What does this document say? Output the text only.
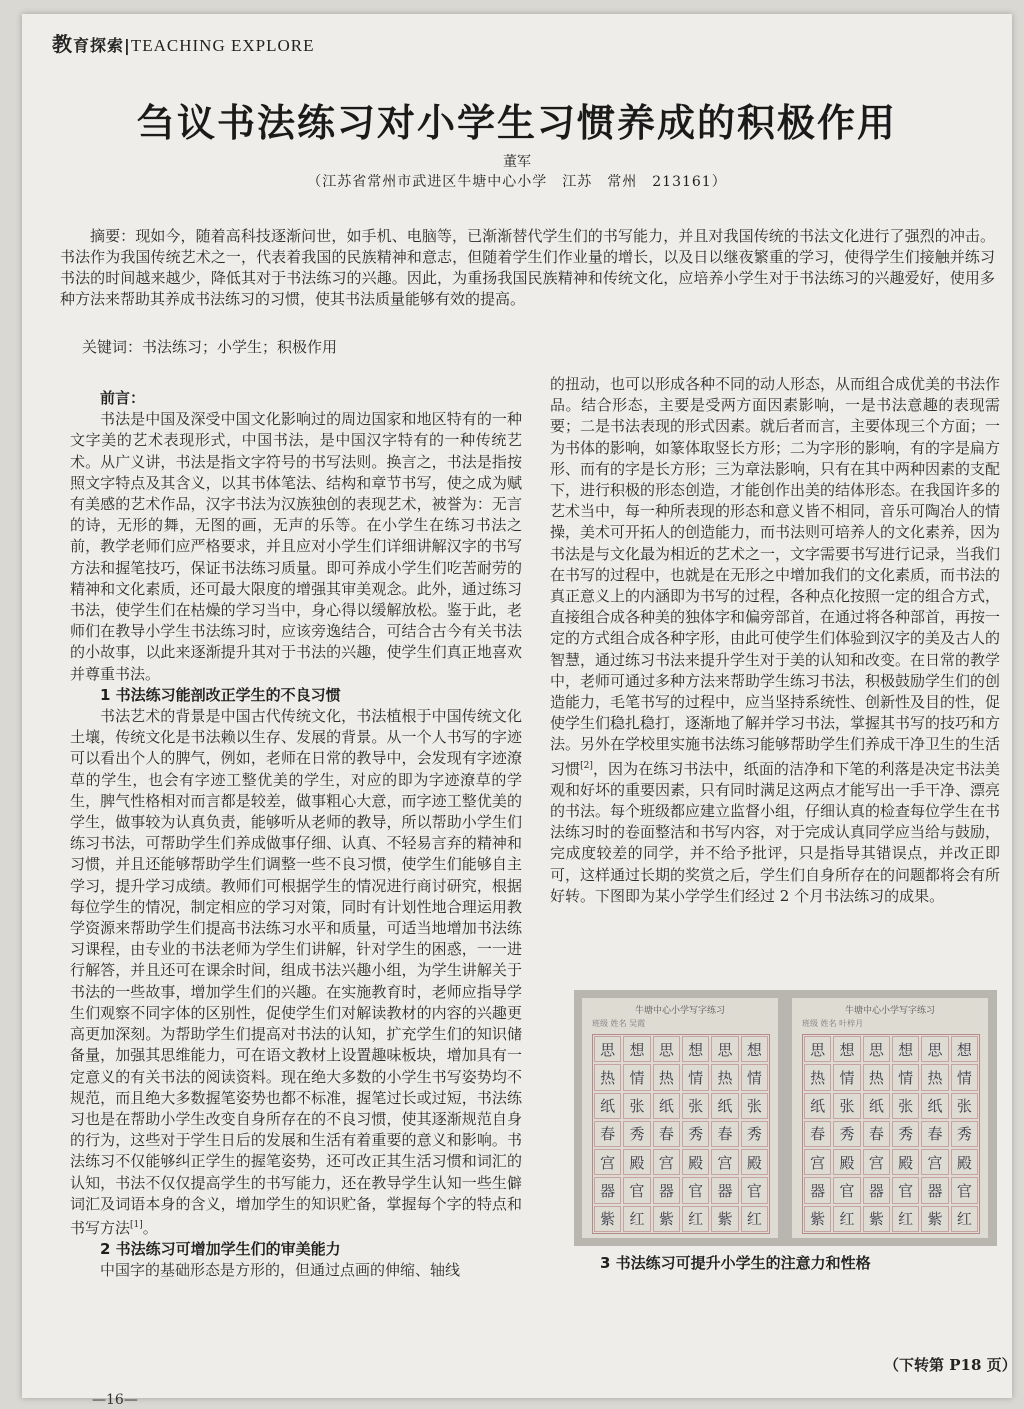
教育探索|TEACHING EXPLORE
刍议书法练习对小学生习惯养成的积极作用
董军
（江苏省常州市武进区牛塘中心小学　江苏　常州　213161）
摘要：现如今，随着高科技逐渐问世，如手机、电脑等，已渐渐替代学生们的书写能力，并且对我国传统的书法文化进行了强烈的冲击。书法作为我国传统艺术之一，代表着我国的民族精神和意志，但随着学生们作业量的增长，以及日以继夜繁重的学习，使得学生们接触并练习书法的时间越来越少，降低其对于书法练习的兴趣。因此，为重扬我国民族精神和传统文化，应培养小学生对于书法练习的兴趣爱好，使用多种方法来帮助其养成书法练习的习惯，使其书法质量能够有效的提高。
关键词：书法练习；小学生；积极作用
前言：

书法是中国及深受中国文化影响过的周边国家和地区特有的一种文字美的艺术表现形式，中国书法，是中国汉字特有的一种传统艺术。从广义讲，书法是指文字符号的书写法则。换言之，书法是指按照文字特点及其含义，以其书体笔法、结构和章节书写，使之成为赋有美感的艺术作品，汉字书法为汉族独创的表现艺术，被誉为：无言的诗，无形的舞，无图的画，无声的乐等。在小学生在练习书法之前，教学老师们应严格要求，并且应对小学生们详细讲解汉字的书写方法和握笔技巧，保证书法练习质量。即可养成小学生们吃苦耐劳的精神和文化素质，还可最大限度的增强其审美观念。此外，通过练习书法，使学生们在枯燥的学习当中，身心得以缓解放松。鉴于此，老师们在教导小学生书法练习时，应该旁逸结合，可结合古今有关书法的小故事，以此来逐渐提升其对于书法的兴趣，使学生们真正地喜欢并尊重书法。

1 书法练习能剖改正学生的不良习惯

书法艺术的背景是中国古代传统文化，书法植根于中国传统文化土壤，传统文化是书法赖以生存、发展的背景。从一个人书写的字迹可以看出个人的脾气，例如，老师在日常的教导中，会发现有字迹潦草的学生，也会有字迹工整优美的学生，对应的即为字迹潦草的学生，脾气性格相对而言都是较差，做事粗心大意，而字迹工整优美的学生，做事较为认真负责，能够听从老师的教导，所以帮助小学生们练习书法，可帮助学生们养成做事仔细、认真、不轻易言弃的精神和习惯，并且还能够帮助学生们调整一些不良习惯，使学生们能够自主学习，提升学习成绩。教师们可根据学生的情况进行商讨研究，根据每位学生的情况，制定相应的学习对策，同时有计划性地合理运用教学资源来帮助学生们提高书法练习水平和质量，可适当地增加书法练习课程，由专业的书法老师为学生们讲解，针对学生的困惑，一一进行解答，并且还可在课余时间，组成书法兴趣小组，为学生讲解关于书法的一些故事，增加学生们的兴趣。在实施教育时，老师应指导学生们观察不同字体的区别性，促使学生们对解读教材的内容的兴趣更高更加深刻。为帮助学生们提高对书法的认知，扩充学生们的知识储备量，加强其思维能力，可在语文教材上设置趣味板块，增加具有一定意义的有关书法的阅读资料。现在绝大多数的小学生书写姿势均不规范，而且绝大多数握笔姿势也都不标准，握笔过长或过短，书法练习也是在帮助小学生改变自身所存在的不良习惯，使其逐渐规范自身的行为，这些对于学生日后的发展和生活有着重要的意义和影响。书法练习不仅能够纠正学生的握笔姿势，还可改正其生活习惯和词汇的认知，书法不仅仅提高学生的书写能力，还在教导学生认知一些生僻词汇及词语本身的含义，增加学生的知识贮备，掌握每个字的特点和书写方法[1]。

2 书法练习可增加学生们的审美能力

中国字的基础形态是方形的，但通过点画的伸缩、轴线

的扭动，也可以形成各种不同的动人形态，从而组合成优美的书法作品。结合形态，主要是受两方面因素影响，一是书法意趣的表现需要；二是书法表现的形式因素。就后者而言，主要体现三个方面；一为书体的影响，如篆体取竖长方形；二为字形的影响，有的字是扁方形、而有的字是长方形；三为章法影响，只有在其中两种因素的支配下，进行积极的形态创造，才能创作出美的结体形态。在我国许多的艺术当中，每一种所表现的形态和意义皆不相同，音乐可陶冶人的情操，美术可开拓人的创造能力，而书法则可培养人的文化素养，因为书法是与文化最为相近的艺术之一，文字需要书写进行记录，当我们在书写的过程中，也就是在无形之中增加我们的文化素质，而书法的真正意义上的内涵即为书写的过程，各种点化按照一定的组合方式，直接组合成各种美的独体字和偏旁部首，在通过将各种部首，再按一定的方式组合成各种字形，由此可使学生们体验到汉字的美及古人的智慧，通过练习书法来提升学生对于美的认知和改变。在日常的教学中，老师可通过多种方法来帮助学生练习书法，积极鼓励学生们的创造能力，毛笔书写的过程中，应当坚持系统性、创新性及目的性，促使学生们稳扎稳打，逐渐地了解并学习书法，掌握其书写的技巧和方法。另外在学校里实施书法练习能够帮助学生们养成干净卫生的生活习惯[2]，因为在练习书法中，纸面的洁净和下笔的利落是决定书法美观和好坏的重要因素，只有同时满足这两点才能写出一手干净、漂亮的书法。每个班级都应建立监督小组，仔细认真的检查每位学生在书法练习时的卷面整洁和书写内容，对于完成认真同学应当给与鼓励，完成度较差的同学，并不给予批评，只是指导其错误点，并改正即可，这样通过长期的奖赏之后，学生们自身所存在的问题都将会有所好转。下图即为某小学学生们经过 2 个月书法练习的成果。

牛塘中心小学写字练习
班级 姓名 吴霞
思 想 思 想 思 想
热 情 热 情 热 情
纸 张 纸 张 纸 张
春 秀 春 秀 春 秀
宫 殿 宫 殿 宫 殿
器 官 器 官 器 官
紫 红 紫 红 紫 红
牛塘中心小学写字练习
班级 姓名 叶梓月
思 想 思 想 思 想
热 情 热 情 热 情
纸 张 纸 张 纸 张
春 秀 春 秀 春 秀
宫 殿 宫 殿 宫 殿
器 官 器 官 器 官
紫 红 紫 红 紫 红
3 书法练习可提升小学生的注意力和性格
（下转第 P18 页）
—16—
